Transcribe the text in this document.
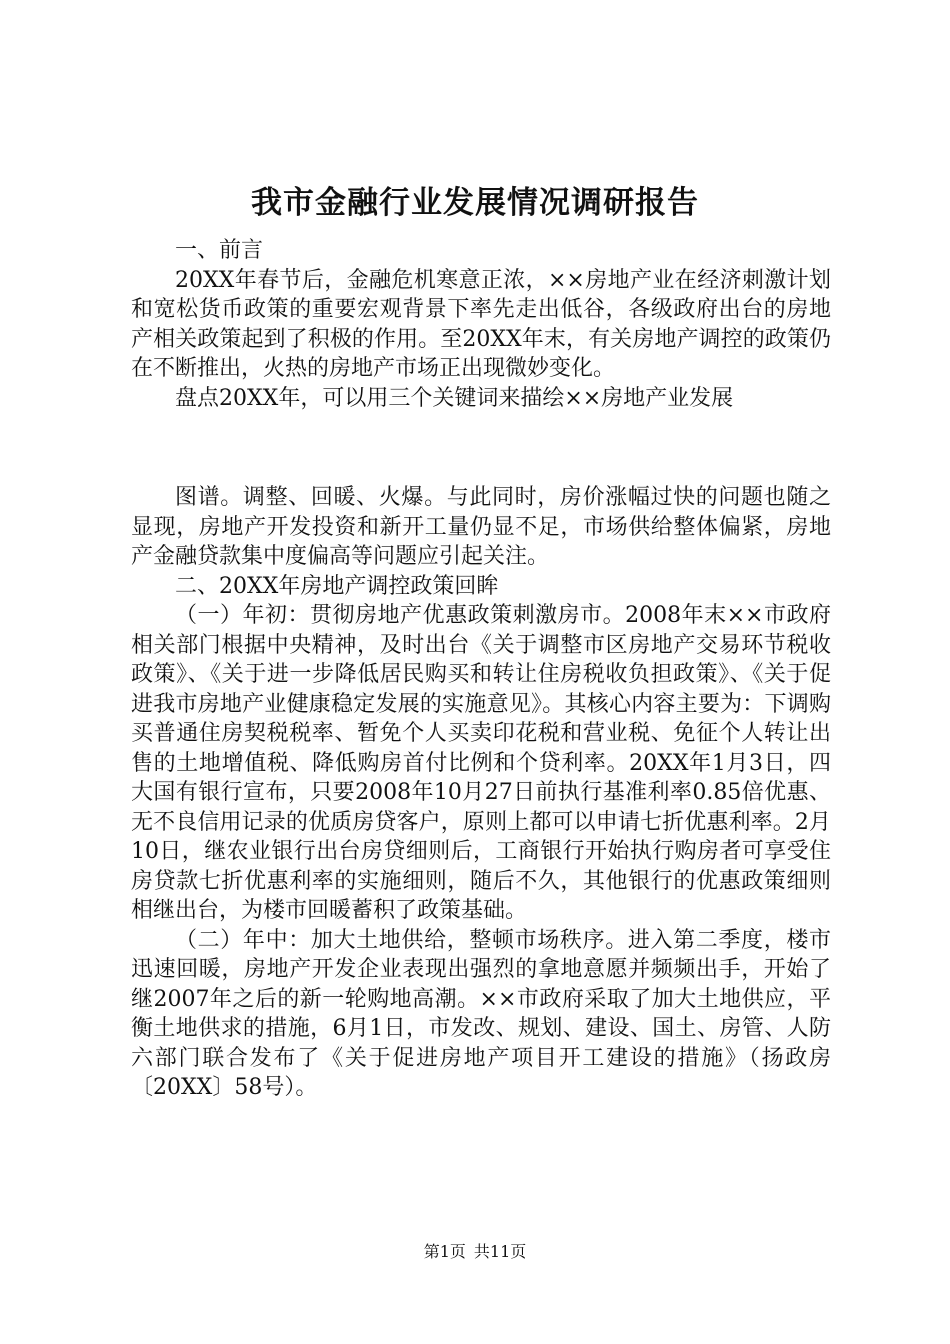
我市金融行业发展情况调研报告

一、前言

20XX年春节后，金融危机寒意正浓，××房地产业在经济刺激计划和宽松货币政策的重要宏观背景下率先走出低谷，各级政府出台的房地产相关政策起到了积极的作用。至20XX年末，有关房地产调控的政策仍在不断推出，火热的房地产市场正出现微妙变化。

盘点20XX年，可以用三个关键词来描绘××房地产业发展

图谱。调整、回暖、火爆。与此同时，房价涨幅过快的问题也随之显现，房地产开发投资和新开工量仍显不足，市场供给整体偏紧，房地产金融贷款集中度偏高等问题应引起关注。

二、20XX年房地产调控政策回眸

（一）年初：贯彻房地产优惠政策刺激房市。2008年末××市政府相关部门根据中央精神，及时出台《关于调整市区房地产交易环节税收政策》、《关于进一步降低居民购买和转让住房税收负担政策》、《关于促进我市房地产业健康稳定发展的实施意见》。其核心内容主要为：下调购买普通住房契税税率、暂免个人买卖印花税和营业税、免征个人转让出售的土地增值税、降低购房首付比例和个贷利率。20XX年1月3日，四大国有银行宣布，只要2008年10月27日前执行基准利率0.85倍优惠、无不良信用记录的优质房贷客户，原则上都可以申请七折优惠利率。2月10日，继农业银行出台房贷细则后，工商银行开始执行购房者可享受住房贷款七折优惠利率的实施细则，随后不久，其他银行的优惠政策细则相继出台，为楼市回暖蓄积了政策基础。

（二）年中：加大土地供给，整顿市场秩序。进入第二季度，楼市迅速回暖，房地产开发企业表现出强烈的拿地意愿并频频出手，开始了继2007年之后的新一轮购地高潮。××市政府采取了加大土地供应，平衡土地供求的措施，6月1日，市发改、规划、建设、国土、房管、人防六部门联合发布了《关于促进房地产项目开工建设的措施》（扬政房〔20XX〕58号）。

第1页 共11页
